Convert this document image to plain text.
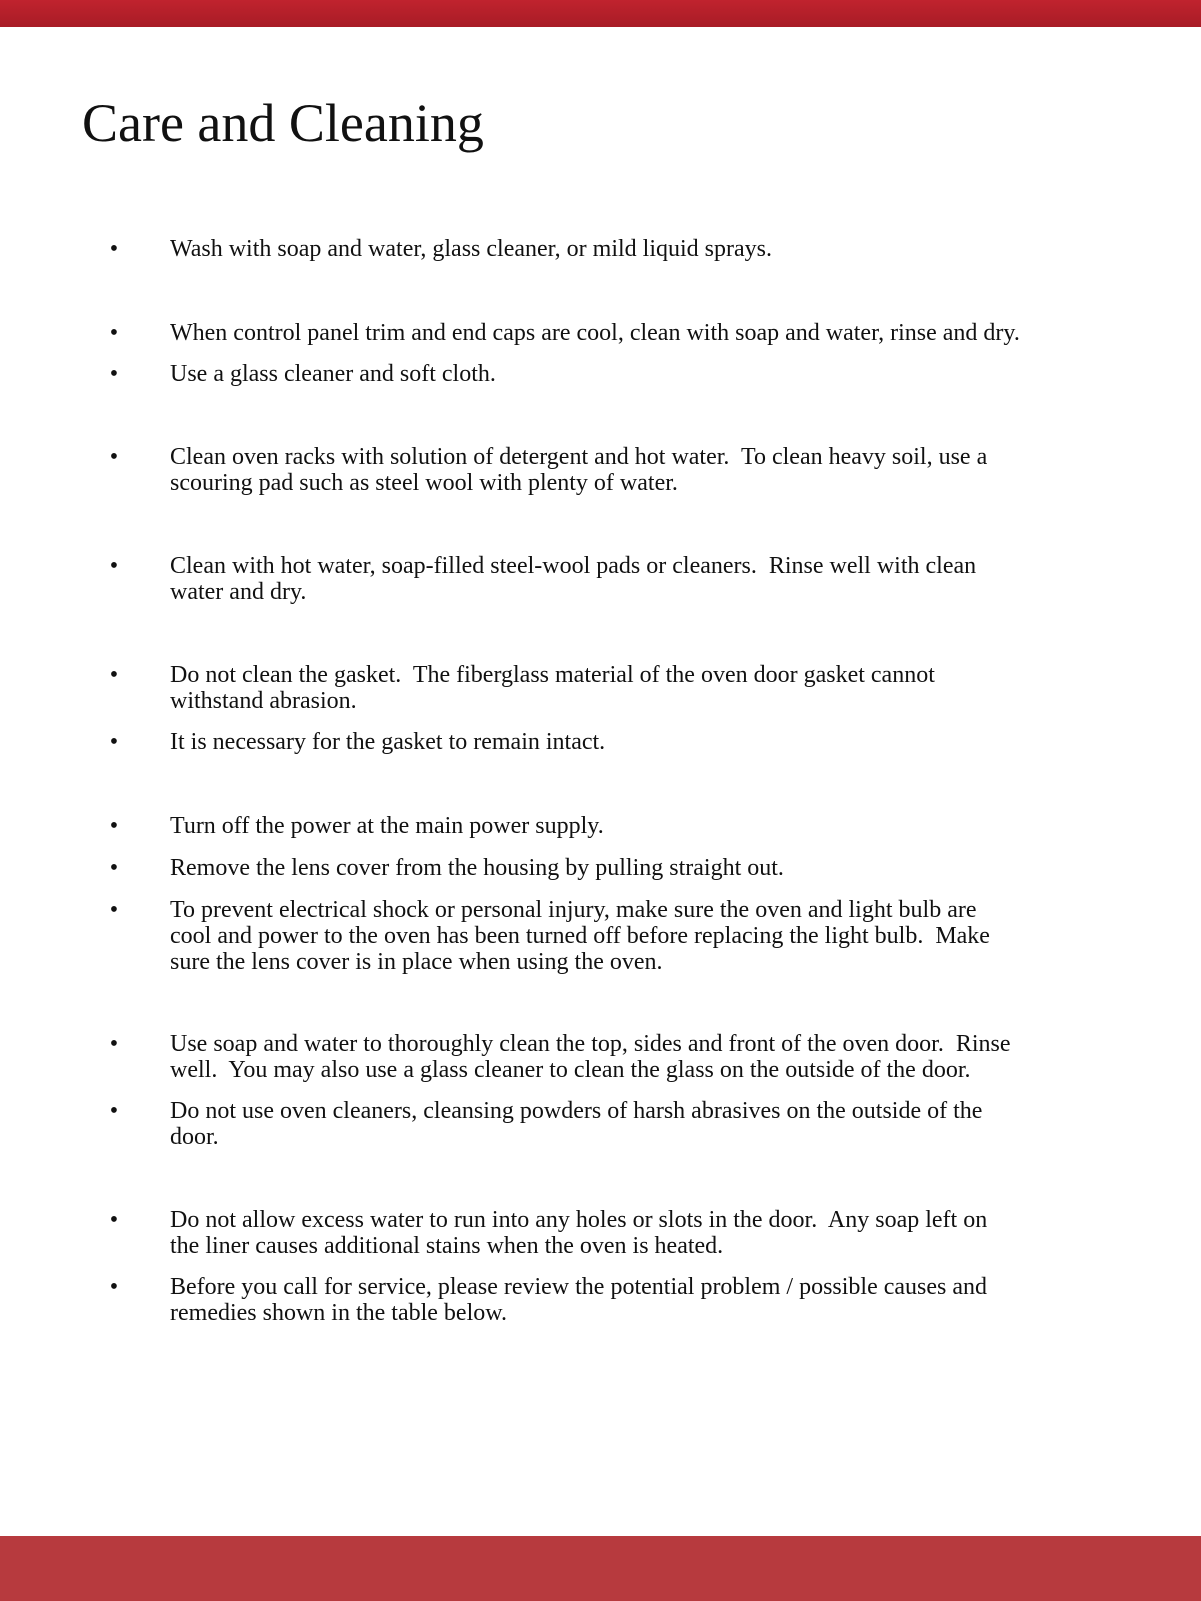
Care and Cleaning
• Wash with soap and water, glass cleaner, or mild liquid sprays.
• When control panel trim and end caps are cool, clean with soap and water, rinse and dry.
• Use a glass cleaner and soft cloth.
• Clean oven racks with solution of detergent and hot water.  To clean heavy soil, use a
scouring pad such as steel wool with plenty of water.
• Clean with hot water, soap-filled steel-wool pads or cleaners.  Rinse well with clean
water and dry.
• Do not clean the gasket.  The fiberglass material of the oven door gasket cannot
withstand abrasion.
• It is necessary for the gasket to remain intact.
• Turn off the power at the main power supply.
• Remove the lens cover from the housing by pulling straight out.
• To prevent electrical shock or personal injury, make sure the oven and light bulb are
cool and power to the oven has been turned off before replacing the light bulb.  Make
sure the lens cover is in place when using the oven.
• Use soap and water to thoroughly clean the top, sides and front of the oven door.  Rinse
well.  You may also use a glass cleaner to clean the glass on the outside of the door.
• Do not use oven cleaners, cleansing powders of harsh abrasives on the outside of the
door.
• Do not allow excess water to run into any holes or slots in the door.  Any soap left on
the liner causes additional stains when the oven is heated.
• Before you call for service, please review the potential problem / possible causes and
remedies shown in the table below.
